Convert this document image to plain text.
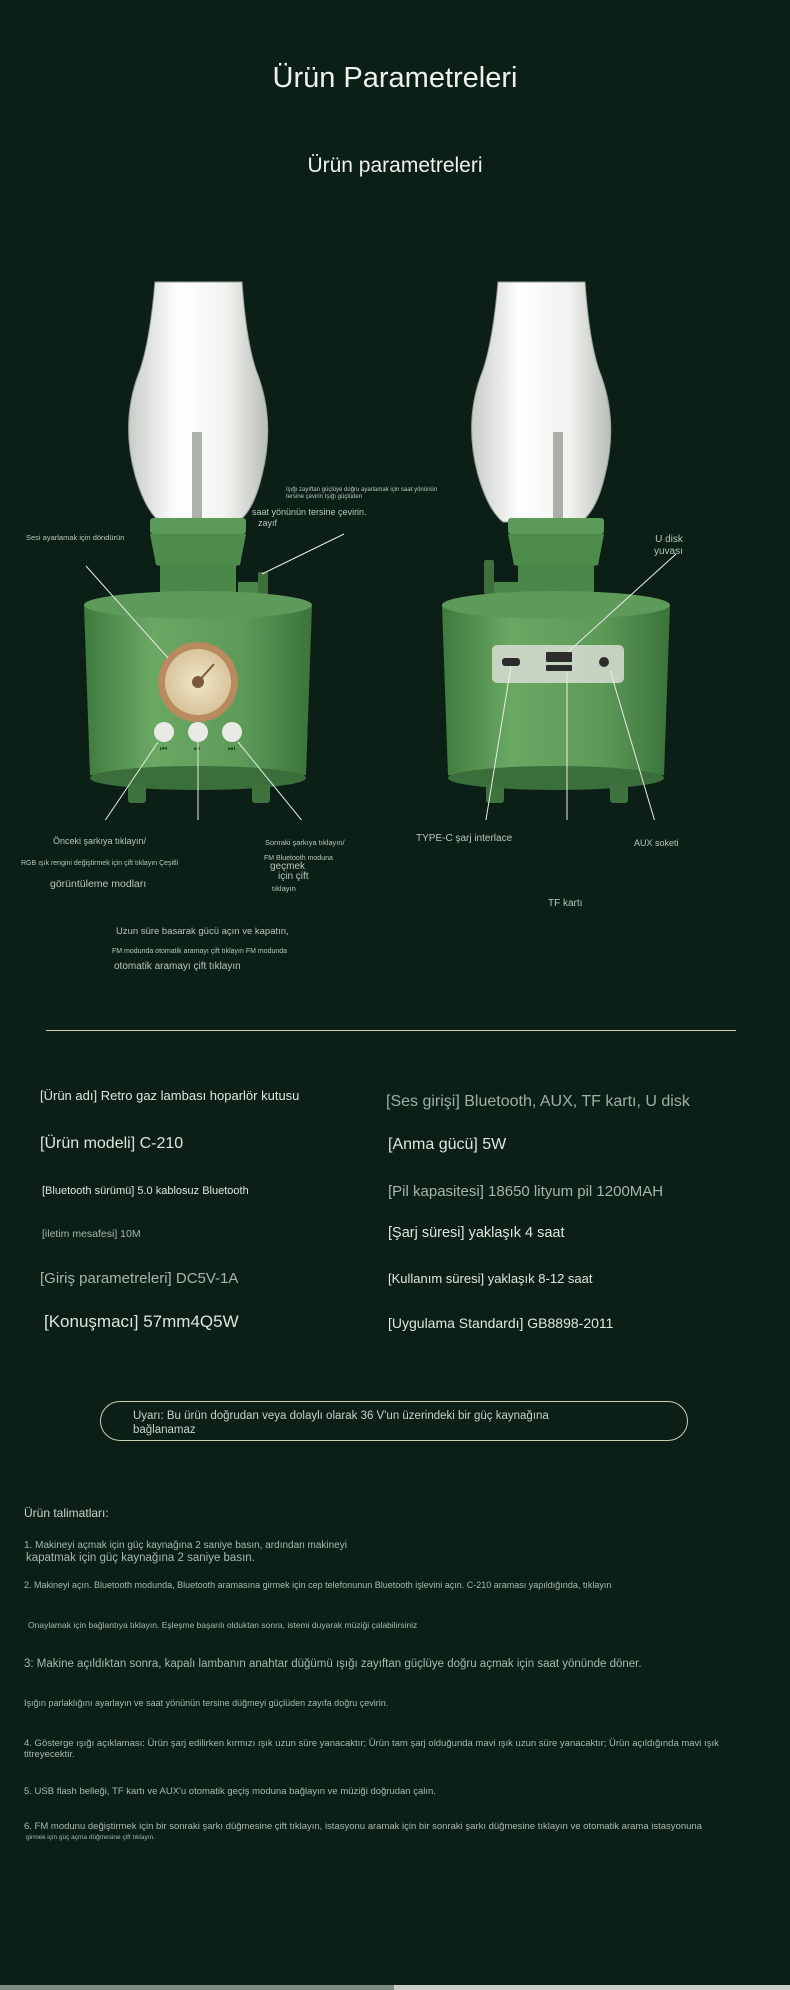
Ürün Parametreleri
Ürün parametreleri
⏮	⏯	⏭
Işığı zayıftan güçlüye doğru ayarlamak için saat yönünün tersine çevirin Işığı güçlüden
saat yönünün tersine çevirin.
zayıf
Sesi ayarlamak için döndürün	U disk
yuvası
Önceki şarkıya tıklayın/
RGB ışık rengini değiştirmek için çift tıklayın Çeşitli
görüntüleme modları
Sonraki şarkıya tıklayın/
FM Bluetooth moduna
geçmek
için çift
tıklayın
TYPE-C şarj interlace	AUX soketi
TF kartı
Uzun süre basarak gücü açın ve kapatın,
FM modunda otomatik aramayı çift tıklayın FM modunda
otomatik aramayı çift tıklayın
[Ürün adı] Retro gaz lambası hoparlör kutusu	[Ses girişi] Bluetooth, AUX, TF kartı, U disk
[Ürün modeli] C-210	[Anma gücü] 5W
[Bluetooth sürümü] 5.0 kablosuz Bluetooth	[Pil kapasitesi] 18650 lityum pil 1200MAH
[iletim mesafesi] 10M	[Şarj süresi] yaklaşık 4 saat
[Giriş parametreleri] DC5V-1A	[Kullanım süresi] yaklaşık 8-12 saat
[Konuşmacı] 57mm4Q5W	[Uygulama Standardı] GB8898-2011
Uyarı: Bu ürün doğrudan veya dolaylı olarak 36 V'un üzerindeki bir güç kaynağına bağlanamaz
Ürün talimatları:
1. Makineyi açmak için güç kaynağına 2 saniye basın, ardından makineyi
kapatmak için güç kaynağına 2 saniye basın.
2. Makineyi açın. Bluetooth modunda, Bluetooth aramasına girmek için cep telefonunun Bluetooth işlevini açın. C-210 araması yapıldığında, tıklayın
Onaylamak için bağlantıya tıklayın. Eşleşme başarılı olduktan sonra, istemi duyarak müziği çalabilirsiniz
3: Makine açıldıktan sonra, kapalı lambanın anahtar düğümü ışığı zayıftan güçlüye doğru açmak için saat yönünde döner.
Işığın parlaklığını ayarlayın ve saat yönünün tersine düğmeyi güçlüden zayıfa doğru çevirin.
4. Gösterge ışığı açıklaması: Ürün şarj edilirken kırmızı ışık uzun süre yanacaktır; Ürün tam şarj olduğunda mavi ışık uzun süre yanacaktır; Ürün açıldığında mavi ışık titreyecektir.
5. USB flash belleği, TF kartı ve AUX'u otomatik geçiş moduna bağlayın ve müziği doğrudan çalın.
6. FM modunu değiştirmek için bir sonraki şarkı düğmesine çift tıklayın, istasyonu aramak için bir sonraki şarkı düğmesine tıklayın ve otomatik arama istasyonuna
girmek için güç açma düğmesine çift tıklayın.
